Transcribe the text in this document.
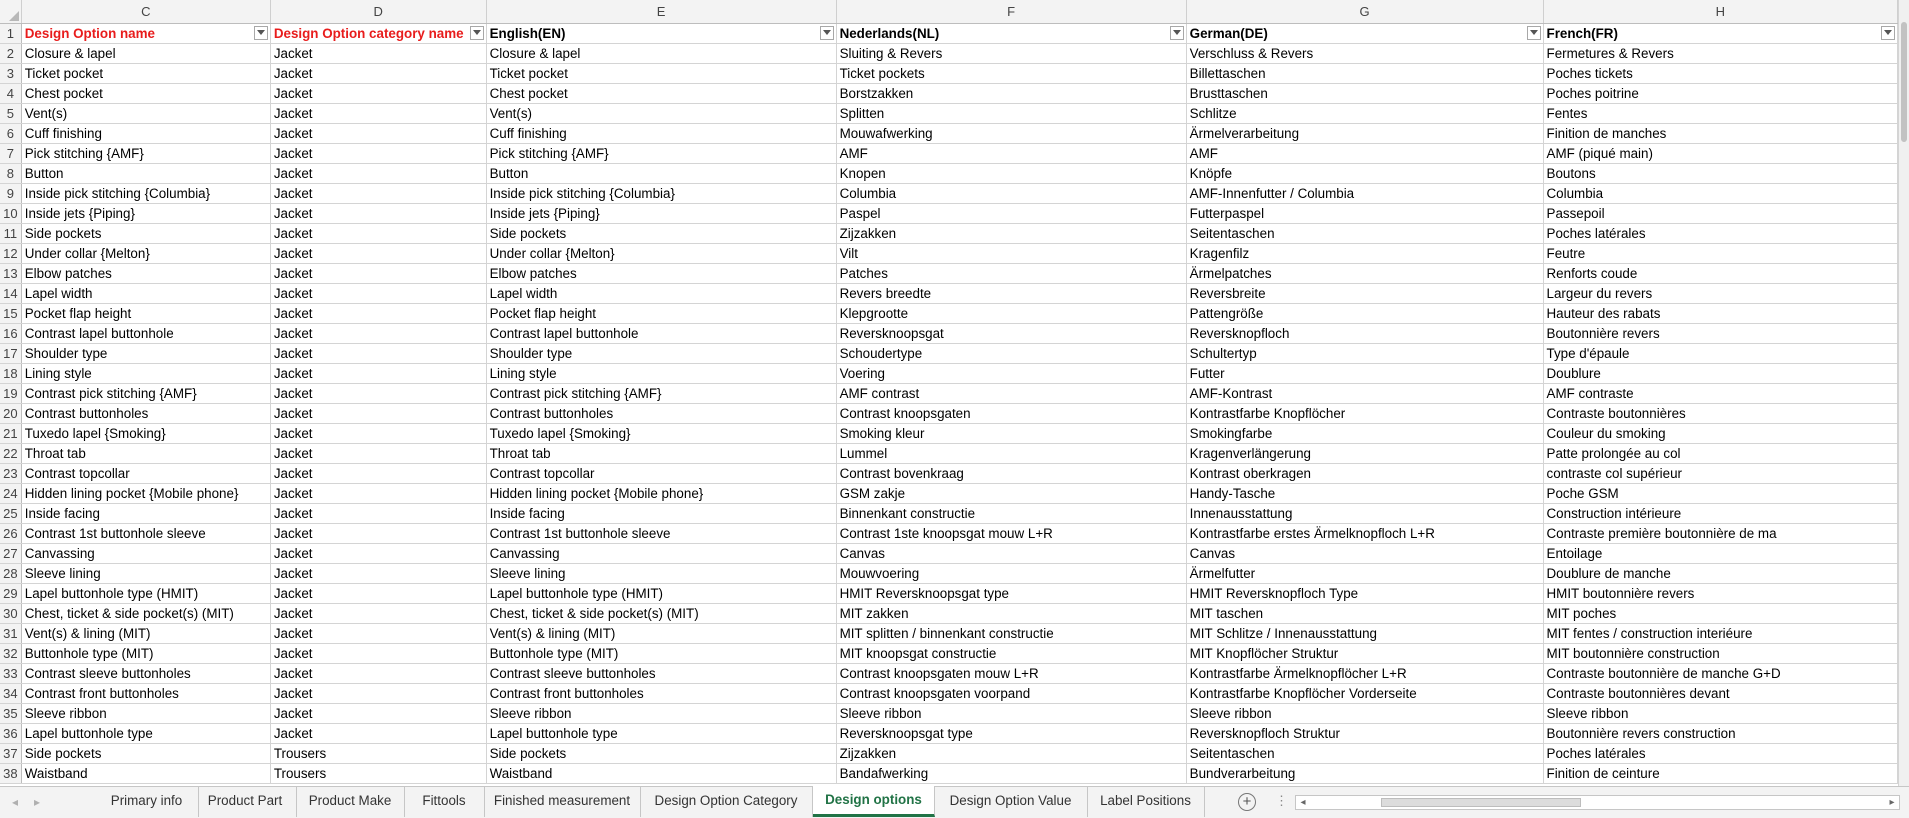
	C	D	E	F	G	H
1	Design Option name	Design Option category name	English(EN)	Nederlands(NL)	German(DE)	French(FR)

2	Closure & lapel	Jacket	Closure & lapel	Sluiting & Revers	Verschluss & Revers	Fermetures & Revers
3	Ticket pocket	Jacket	Ticket pocket	Ticket pockets	Billettaschen	Poches tickets
4	Chest pocket	Jacket	Chest pocket	Borstzakken	Brusttaschen	Poches poitrine
5	Vent(s)	Jacket	Vent(s)	Splitten	Schlitze	Fentes
6	Cuff finishing	Jacket	Cuff finishing	Mouwafwerking	Ärmelverarbeitung	Finition de manches
7	Pick stitching {AMF}	Jacket	Pick stitching {AMF}	AMF	AMF	AMF (piqué main)
8	Button	Jacket	Button	Knopen	Knöpfe	Boutons
9	Inside pick stitching {Columbia}	Jacket	Inside pick stitching {Columbia}	Columbia	AMF-Innenfutter / Columbia	Columbia
10	Inside jets {Piping}	Jacket	Inside jets {Piping}	Paspel	Futterpaspel	Passepoil
11	Side pockets	Jacket	Side pockets	Zijzakken	Seitentaschen	Poches latérales
12	Under collar {Melton}	Jacket	Under collar {Melton}	Vilt	Kragenfilz	Feutre
13	Elbow patches	Jacket	Elbow patches	Patches	Ärmelpatches	Renforts coude
14	Lapel width	Jacket	Lapel width	Revers breedte	Reversbreite	Largeur du revers
15	Pocket flap height	Jacket	Pocket flap height	Klepgrootte	Pattengröße	Hauteur des rabats
16	Contrast lapel buttonhole	Jacket	Contrast lapel buttonhole	Reversknoopsgat	Reversknopfloch	Boutonnière revers
17	Shoulder type	Jacket	Shoulder type	Schoudertype	Schultertyp	Type d'épaule
18	Lining style	Jacket	Lining style	Voering	Futter	Doublure
19	Contrast pick stitching {AMF}	Jacket	Contrast pick stitching {AMF}	AMF contrast	AMF-Kontrast	AMF contraste
20	Contrast buttonholes	Jacket	Contrast buttonholes	Contrast knoopsgaten	Kontrastfarbe Knopflöcher	Contraste boutonnières
21	Tuxedo lapel {Smoking}	Jacket	Tuxedo lapel {Smoking}	Smoking kleur	Smokingfarbe	Couleur du smoking
22	Throat tab	Jacket	Throat tab	Lummel	Kragenverlängerung	Patte prolongée au col
23	Contrast topcollar	Jacket	Contrast topcollar	Contrast bovenkraag	Kontrast oberkragen	contraste col supérieur
24	Hidden lining pocket {Mobile phone}	Jacket	Hidden lining pocket {Mobile phone}	GSM zakje	Handy-Tasche	Poche GSM
25	Inside facing	Jacket	Inside facing	Binnenkant constructie	Innenausstattung	Construction intérieure
26	Contrast 1st buttonhole sleeve	Jacket	Contrast 1st buttonhole sleeve	Contrast 1ste knoopsgat mouw L+R	Kontrastfarbe erstes Ärmelknopfloch L+R	Contraste première boutonnière de ma
27	Canvassing	Jacket	Canvassing	Canvas	Canvas	Entoilage
28	Sleeve lining	Jacket	Sleeve lining	Mouwvoering	Ärmelfutter	Doublure de manche
29	Lapel buttonhole type (HMIT)	Jacket	Lapel buttonhole type (HMIT)	HMIT Reversknoopsgat type	HMIT Reversknopfloch Type	HMIT boutonnière revers
30	Chest, ticket & side pocket(s) (MIT)	Jacket	Chest, ticket & side pocket(s) (MIT)	MIT zakken	MIT taschen	MIT poches
31	Vent(s) & lining (MIT)	Jacket	Vent(s) & lining (MIT)	MIT splitten / binnenkant constructie	MIT Schlitze / Innenausstattung	MIT fentes / construction interiéure
32	Buttonhole type (MIT)	Jacket	Buttonhole type (MIT)	MIT knoopsgat constructie	MIT Knopflöcher Struktur	MIT boutonnière construction
33	Contrast sleeve buttonholes	Jacket	Contrast sleeve buttonholes	Contrast knoopsgaten mouw L+R	Kontrastfarbe Ärmelknopflöcher L+R	Contraste boutonnière de manche G+D
34	Contrast front buttonholes	Jacket	Contrast front buttonholes	Contrast knoopsgaten voorpand	Kontrastfarbe Knopflöcher Vorderseite	Contraste boutonnières devant
35	Sleeve ribbon	Jacket	Sleeve ribbon	Sleeve ribbon	Sleeve ribbon	Sleeve ribbon
36	Lapel buttonhole type	Jacket	Lapel buttonhole type	Reversknoopsgat type	Reversknopfloch Struktur	Boutonnière revers construction
37	Side pockets	Trousers	Side pockets	Zijzakken	Seitentaschen	Poches latérales
38	Waistband	Trousers	Waistband	Bandafwerking	Bundverarbeitung	Finition de ceinture
◂	▸	Primary info	Product Part	Product Make	Fittools	Finished measurement	Design Option Category	Design options	Design Option Value	Label Positions	+	⋮	◂	▸
